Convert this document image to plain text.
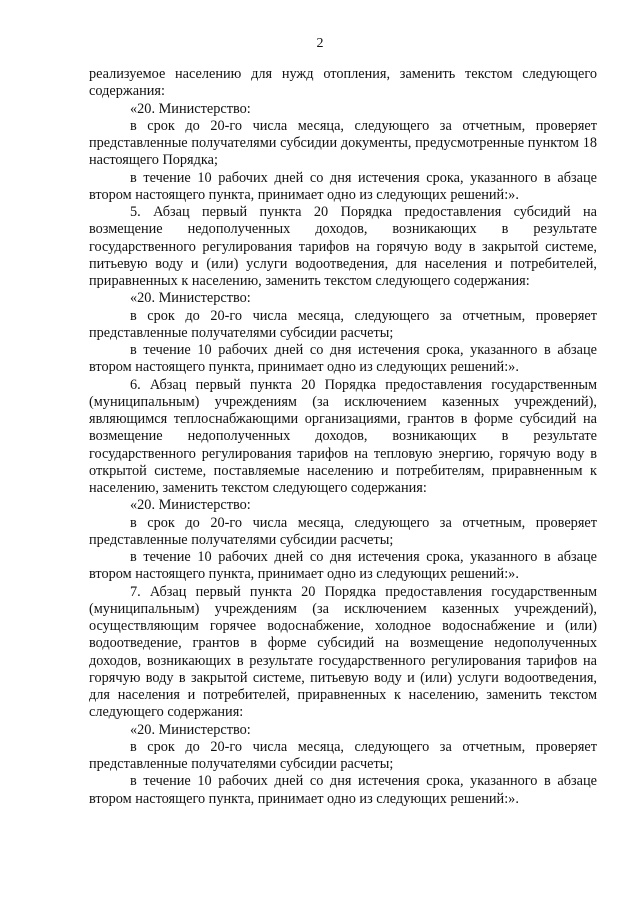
2

реализуемое населению для нужд отопления, заменить текстом следующего содержания:

«20. Министерство:

в срок до 20-го числа месяца, следующего за отчетным, проверяет представленные получателями субсидии документы, предусмотренные пунктом 18 настоящего Порядка;

в течение 10 рабочих дней со дня истечения срока, указанного в абзаце втором настоящего пункта, принимает одно из следующих решений:».

5. Абзац первый пункта 20 Порядка предоставления субсидий на возмещение недополученных доходов, возникающих в результате государственного регулирования тарифов на горячую воду в закрытой системе, питьевую воду и (или) услуги водоотведения, для населения и потребителей, приравненных к населению, заменить текстом следующего содержания:

«20. Министерство:

в срок до 20-го числа месяца, следующего за отчетным, проверяет представленные получателями субсидии расчеты;

в течение 10 рабочих дней со дня истечения срока, указанного в абзаце втором настоящего пункта, принимает одно из следующих решений:».

6. Абзац первый пункта 20 Порядка предоставления государственным (муниципальным) учреждениям (за исключением казенных учреждений), являющимся теплоснабжающими организациями, грантов в форме субсидий на возмещение недополученных доходов, возникающих в результате государственного регулирования тарифов на тепловую энергию, горячую воду в открытой системе, поставляемые населению и потребителям, приравненным к населению, заменить текстом следующего содержания:

«20. Министерство:

в срок до 20-го числа месяца, следующего за отчетным, проверяет представленные получателями субсидии расчеты;

в течение 10 рабочих дней со дня истечения срока, указанного в абзаце втором настоящего пункта, принимает одно из следующих решений:».

7. Абзац первый пункта 20 Порядка предоставления государственным (муниципальным) учреждениям (за исключением казенных учреждений), осуществляющим горячее водоснабжение, холодное водоснабжение и (или) водоотведение, грантов в форме субсидий на возмещение недополученных доходов, возникающих в результате государственного регулирования тарифов на горячую воду в закрытой системе, питьевую воду и (или) услуги водоотведения, для населения и потребителей, приравненных к населению, заменить текстом следующего содержания:

«20. Министерство:

в срок до 20-го числа месяца, следующего за отчетным, проверяет представленные получателями субсидии расчеты;

в течение 10 рабочих дней со дня истечения срока, указанного в абзаце втором настоящего пункта, принимает одно из следующих решений:».
